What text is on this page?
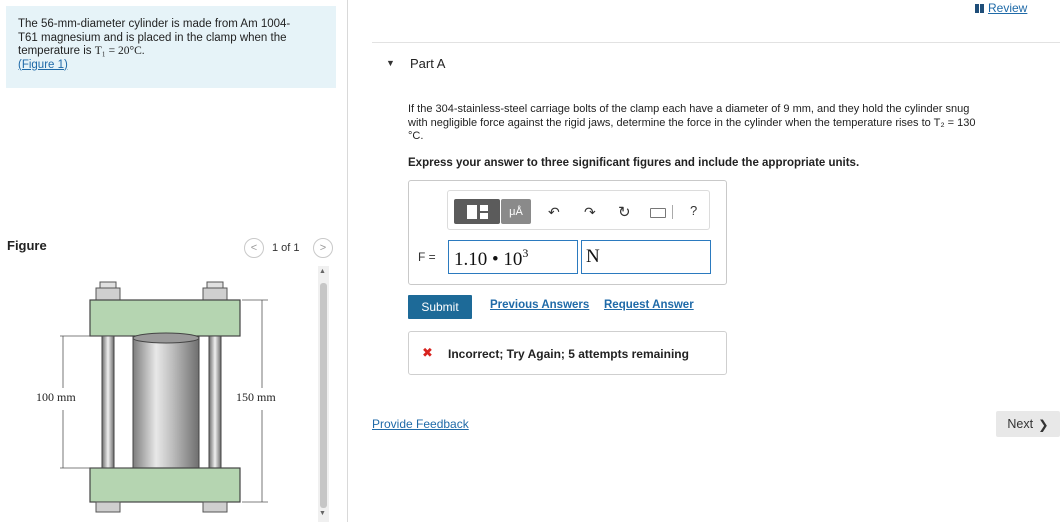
The 56-mm-diameter cylinder is made from Am 1004-
T61 magnesium and is placed in the clamp when the
temperature is T₁ = 20°C.
(Figure 1)
Figure	< 1 of 1 >
100 mm	150 mm
▲
▼
Review
▼ Part A
If the 304-stainless-steel carriage bolts of the clamp each have a diameter of 9 mm, and they hold the cylinder snug
with negligible force against the rigid jaws, determine the force in the cylinder when the temperature rises to T₂ = 130
°C.
Express your answer to three significant figures and include the appropriate units.
μÅ	↶ ↷ ↻	?
F = 1.10 • $10^3$	N
Submit	Previous Answers Request Answer
✖ Incorrect; Try Again; 5 attempts remaining
Provide Feedback	Next ❯
